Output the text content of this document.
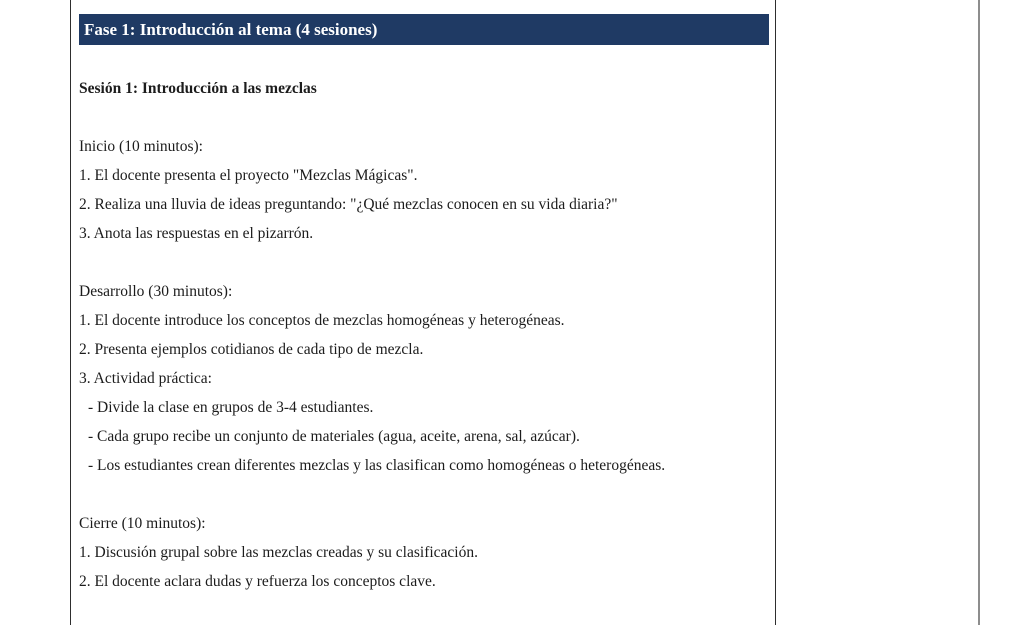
Fase 1: Introducción al tema (4 sesiones)
Sesión 1: Introducción a las mezclas

Inicio (10 minutos):

1. El docente presenta el proyecto "Mezclas Mágicas".

2. Realiza una lluvia de ideas preguntando: "¿Qué mezclas conocen en su vida diaria?"

3. Anota las respuestas en el pizarrón.

Desarrollo (30 minutos):

1. El docente introduce los conceptos de mezclas homogéneas y heterogéneas.

2. Presenta ejemplos cotidianos de cada tipo de mezcla.

3. Actividad práctica:

- Divide la clase en grupos de 3-4 estudiantes.

- Cada grupo recibe un conjunto de materiales (agua, aceite, arena, sal, azúcar).

- Los estudiantes crean diferentes mezclas y las clasifican como homogéneas o heterogéneas.

Cierre (10 minutos):

1. Discusión grupal sobre las mezclas creadas y su clasificación.

2. El docente aclara dudas y refuerza los conceptos clave.
